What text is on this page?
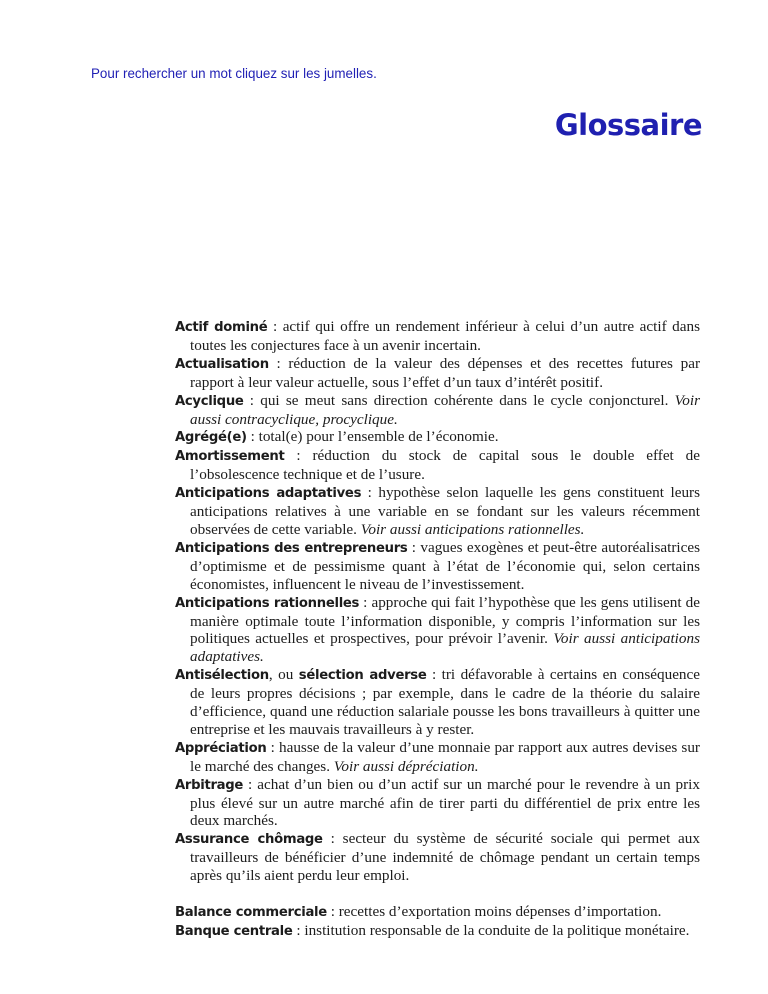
Pour rechercher un mot cliquez sur les jumelles.
Glossaire
Actif dominé : actif qui offre un rendement inférieur à celui d’un autre actif dans toutes les conjectures face à un avenir incertain.
Actualisation : réduction de la valeur des dépenses et des recettes futures par rapport à leur valeur actuelle, sous l’effet d’un taux d’intérêt positif.
Acyclique : qui se meut sans direction cohérente dans le cycle conjoncturel. Voir aussi contracyclique, procyclique.
Agrégé(e) : total(e) pour l’ensemble de l’économie.
Amortissement : réduction du stock de capital sous le double effet de l’obsolescence technique et de l’usure.
Anticipations adaptatives : hypothèse selon laquelle les gens constituent leurs anticipations relatives à une variable en se fondant sur les valeurs récemment observées de cette variable. Voir aussi anticipations rationnelles.
Anticipations des entrepreneurs : vagues exogènes et peut-être autoréalisatrices d’optimisme et de pessimisme quant à l’état de l’économie qui, selon certains économistes, influencent le niveau de l’investissement.
Anticipations rationnelles : approche qui fait l’hypothèse que les gens utilisent de manière optimale toute l’information disponible, y compris l’information sur les politiques actuelles et prospectives, pour prévoir l’avenir. Voir aussi anticipations adaptatives.
Antisélection, ou sélection adverse : tri défavorable à certains en conséquence de leurs propres décisions ; par exemple, dans le cadre de la théorie du salaire d’efficience, quand une réduction salariale pousse les bons travailleurs à quitter une entreprise et les mauvais travailleurs à y rester.
Appréciation : hausse de la valeur d’une monnaie par rapport aux autres devises sur le marché des changes. Voir aussi dépréciation.
Arbitrage : achat d’un bien ou d’un actif sur un marché pour le revendre à un prix plus élevé sur un autre marché afin de tirer parti du différentiel de prix entre les deux marchés.
Assurance chômage : secteur du système de sécurité sociale qui permet aux travailleurs de bénéficier d’une indemnité de chômage pendant un certain temps après qu’ils aient perdu leur emploi.
Balance commerciale : recettes d’exportation moins dépenses d’importation.
Banque centrale : institution responsable de la conduite de la politique monétaire.
